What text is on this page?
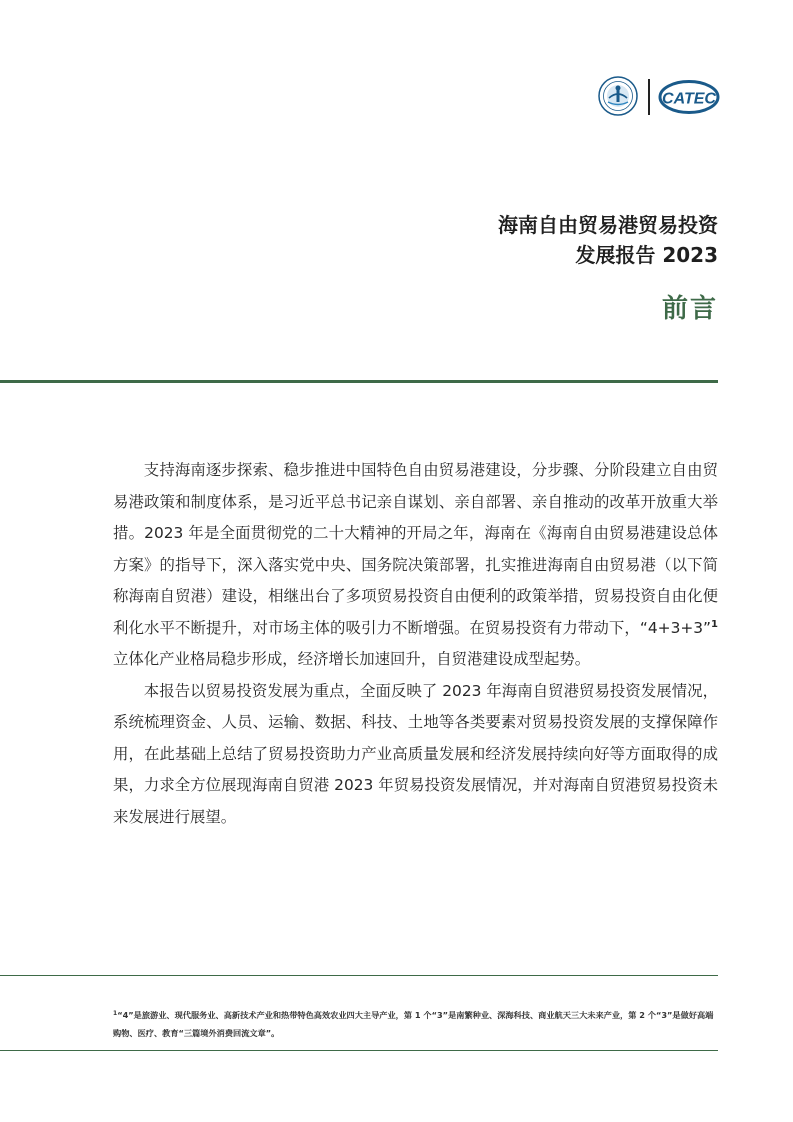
CATEC
海南自由贸易港贸易投资
发展报告 2023
前言

支持海南逐步探索、稳步推进中国特色自由贸易港建设，分步骤、分阶段建立自由贸易港政策和制度体系，是习近平总书记亲自谋划、亲自部署、亲自推动的改革开放重大举措。2023 年是全面贯彻党的二十大精神的开局之年，海南在《海南自由贸易港建设总体方案》的指导下，深入落实党中央、国务院决策部署，扎实推进海南自由贸易港（以下简称海南自贸港）建设，相继出台了多项贸易投资自由便利的政策举措，贸易投资自由化便利化水平不断提升，对市场主体的吸引力不断增强。在贸易投资有力带动下，“4+3+3”$^1$立体化产业格局稳步形成，经济增长加速回升，自贸港建设成型起势。

本报告以贸易投资发展为重点，全面反映了 2023 年海南自贸港贸易投资发展情况，系统梳理资金、人员、运输、数据、科技、土地等各类要素对贸易投资发展的支撑保障作用，在此基础上总结了贸易投资助力产业高质量发展和经济发展持续向好等方面取得的成果，力求全方位展现海南自贸港 2023 年贸易投资发展情况，并对海南自贸港贸易投资未来发展进行展望。

$^1$“4”是旅游业、现代服务业、高新技术产业和热带特色高效农业四大主导产业，第 1 个“3”是南繁种业、深海科技、商业航天三大未来产业，第 2 个“3”是做好高端购物、医疗、教育“三篇境外消费回流文章”。
